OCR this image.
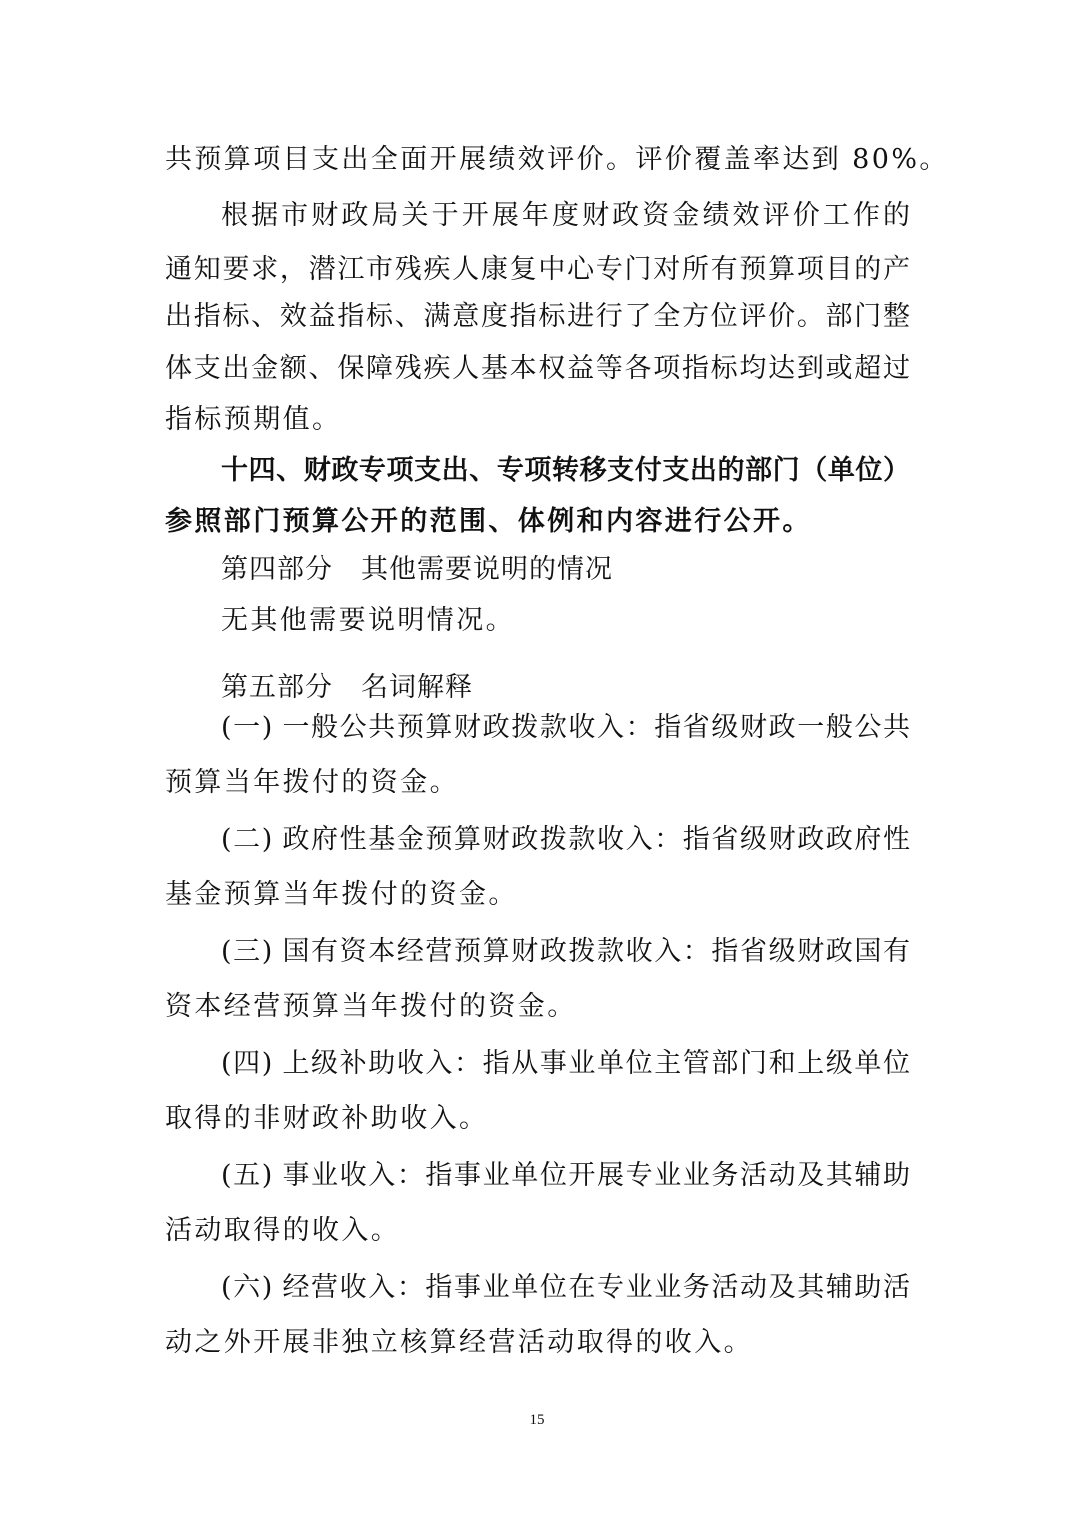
共预算项目支出全面开展绩效评价。评价覆盖率达到 80%。
根据市财政局关于开展年度财政资金绩效评价工作的
通知要求，潜江市残疾人康复中心专门对所有预算项目的产
出指标、效益指标、满意度指标进行了全方位评价。部门整
体支出金额、保障残疾人基本权益等各项指标均达到或超过
指标预期值。
十四、财政专项支出、专项转移支付支出的部门（单位）
参照部门预算公开的范围、体例和内容进行公开。
第四部分　其他需要说明的情况
无其他需要说明情况。
第五部分　名词解释
(一) 一般公共预算财政拨款收入：指省级财政一般公共
预算当年拨付的资金。
(二) 政府性基金预算财政拨款收入：指省级财政政府性
基金预算当年拨付的资金。
(三) 国有资本经营预算财政拨款收入：指省级财政国有
资本经营预算当年拨付的资金。
(四) 上级补助收入：指从事业单位主管部门和上级单位
取得的非财政补助收入。
(五) 事业收入：指事业单位开展专业业务活动及其辅助
活动取得的收入。
(六) 经营收入：指事业单位在专业业务活动及其辅助活
动之外开展非独立核算经营活动取得的收入。
15
